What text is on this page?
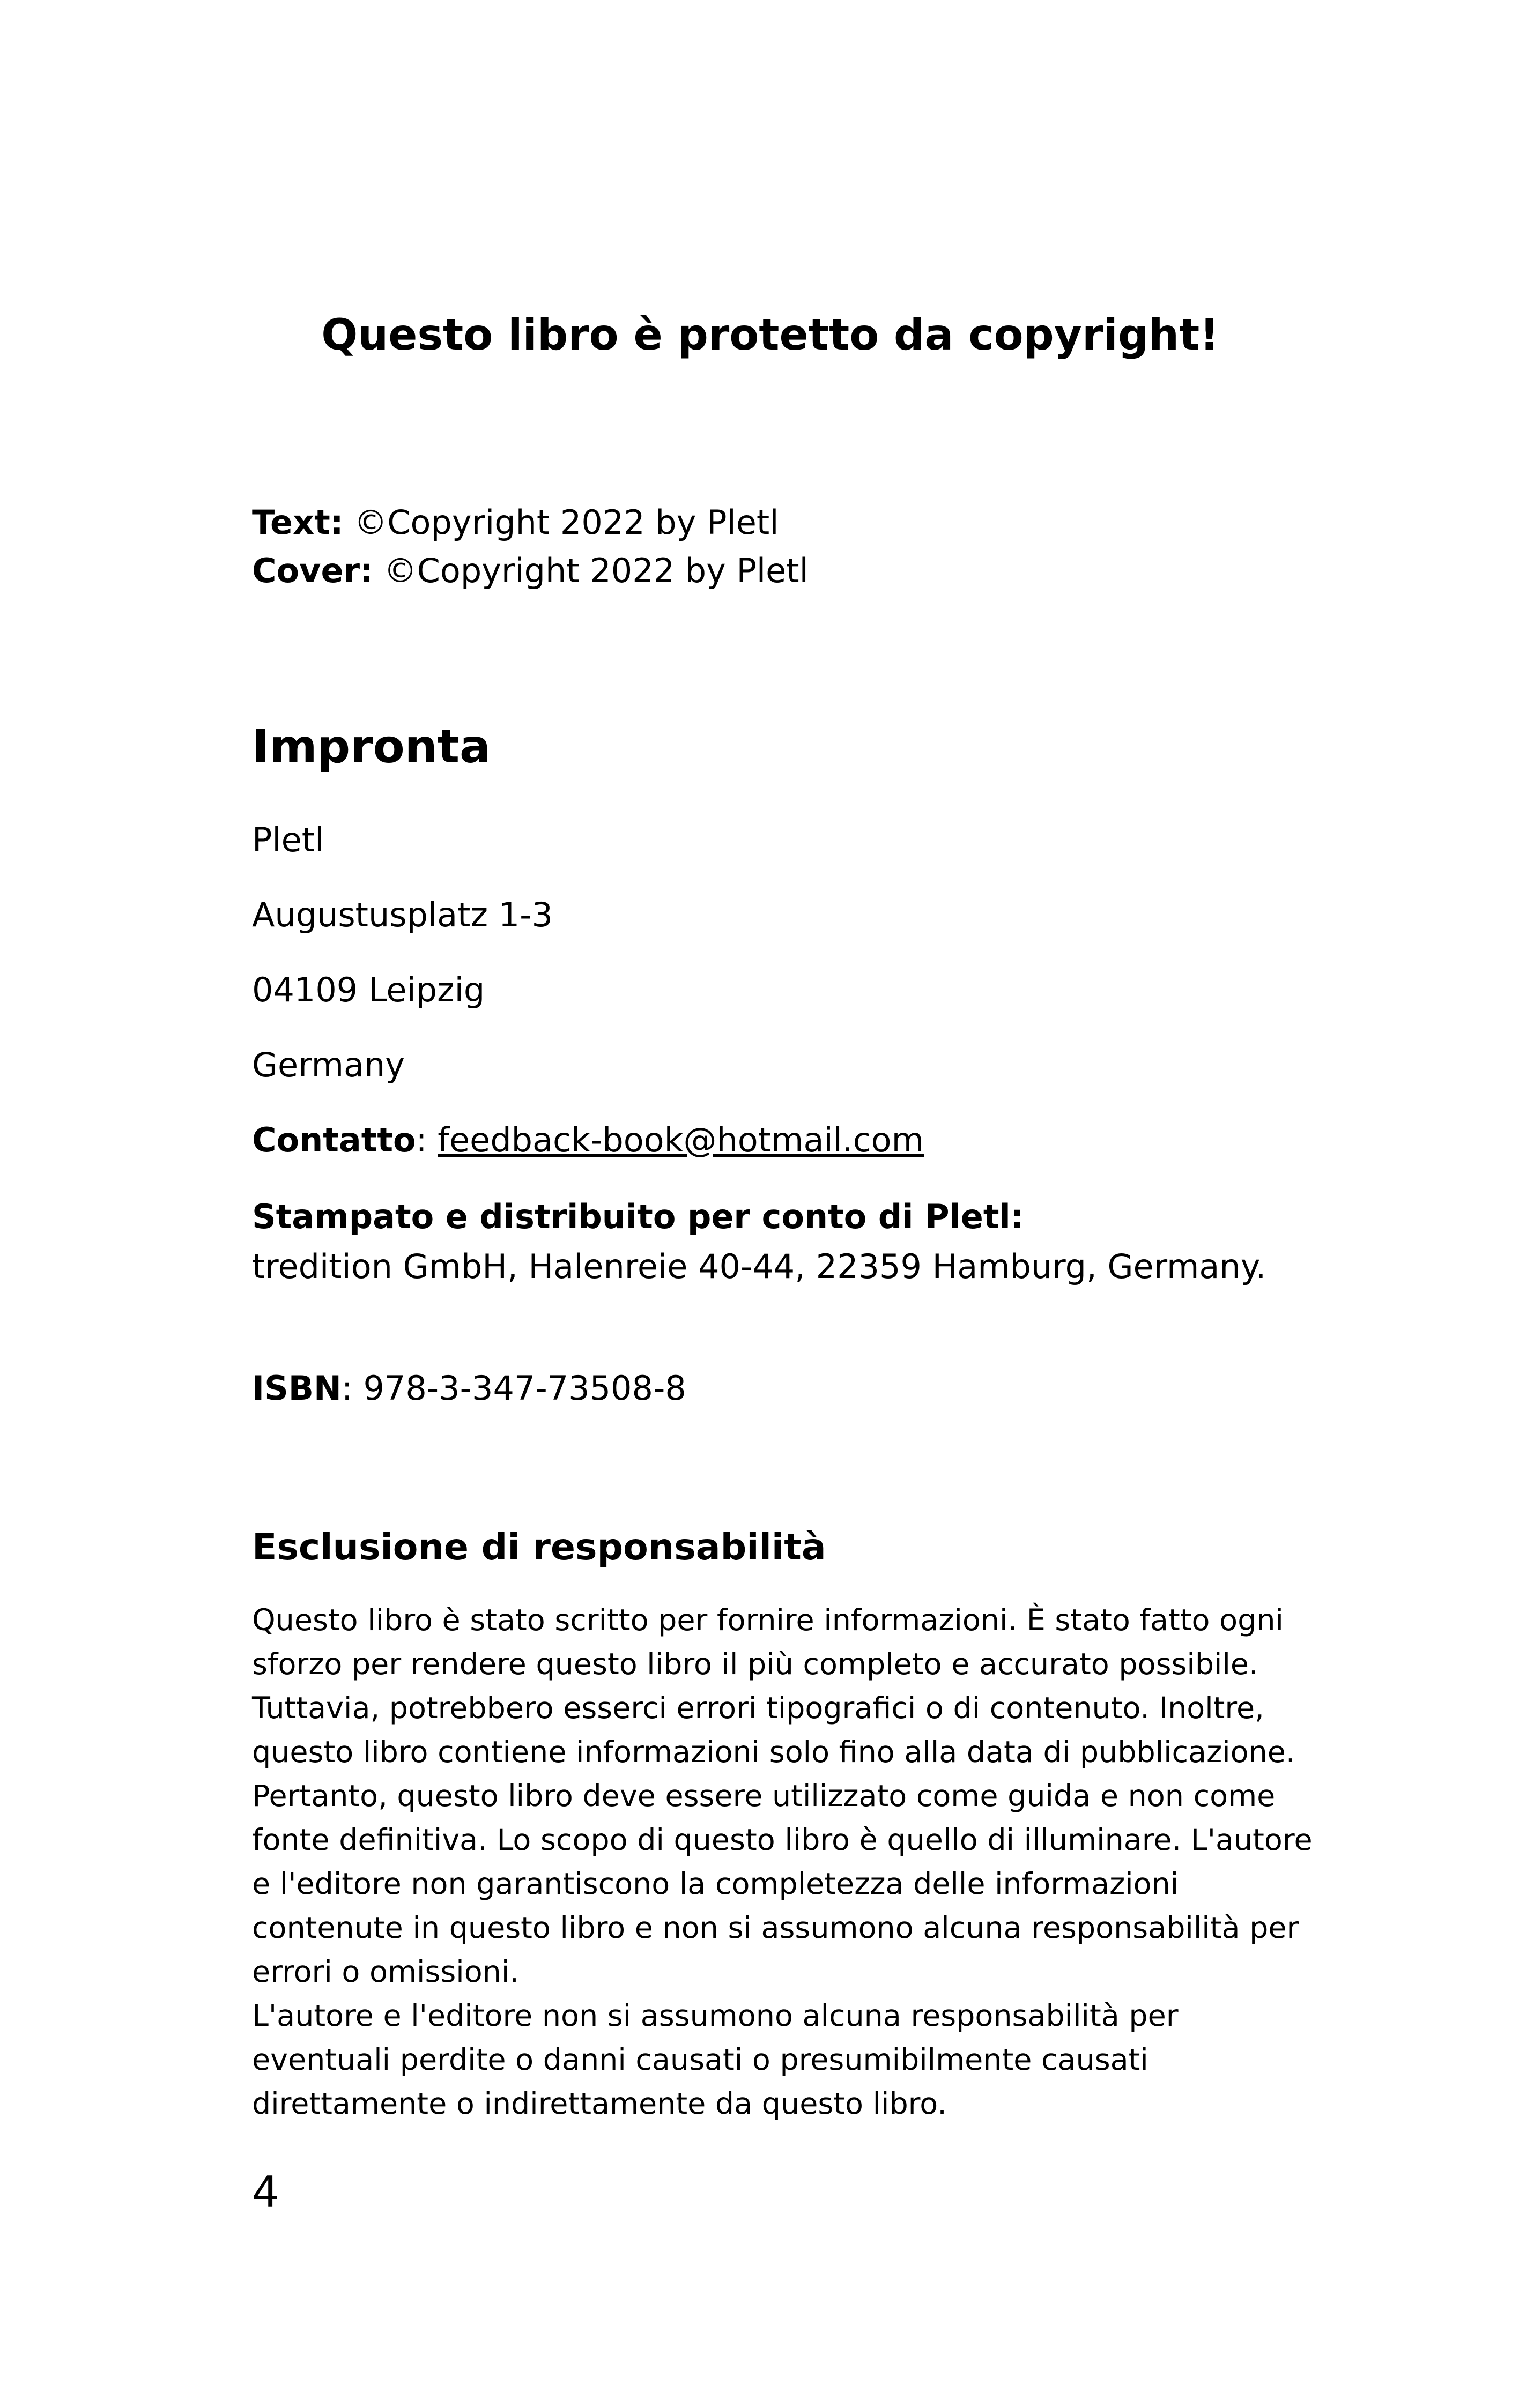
Questo libro è protetto da copyright!
Text: ©Copyright 2022 by Pletl
Cover: ©Copyright 2022 by Pletl
Impronta
Pletl
Augustusplatz 1-3
04109 Leipzig
Germany
Contatto: feedback-book@hotmail.com
Stampato e distribuito per conto di Pletl:
tredition GmbH, Halenreie 40-44, 22359 Hamburg, Germany.
ISBN: 978-3-347-73508-8
Esclusione di responsabilità

Questo libro è stato scritto per fornire informazioni. È stato fatto ogni sforzo per rendere questo libro il più completo e accurato possibile. Tuttavia, potrebbero esserci errori tipografici o di contenuto. Inoltre, questo libro contiene informazioni solo fino alla data di pubblicazione. Pertanto, questo libro deve essere utilizzato come guida e non come fonte definitiva. Lo scopo di questo libro è quello di illuminare. L'autore e l'editore non garantiscono la completezza delle informazioni contenute in questo libro e non si assumono alcuna responsabilità per errori o omissioni.

L'autore e l'editore non si assumono alcuna responsabilità per eventuali perdite o danni causati o presumibilmente causati direttamente o indirettamente da questo libro.

4
